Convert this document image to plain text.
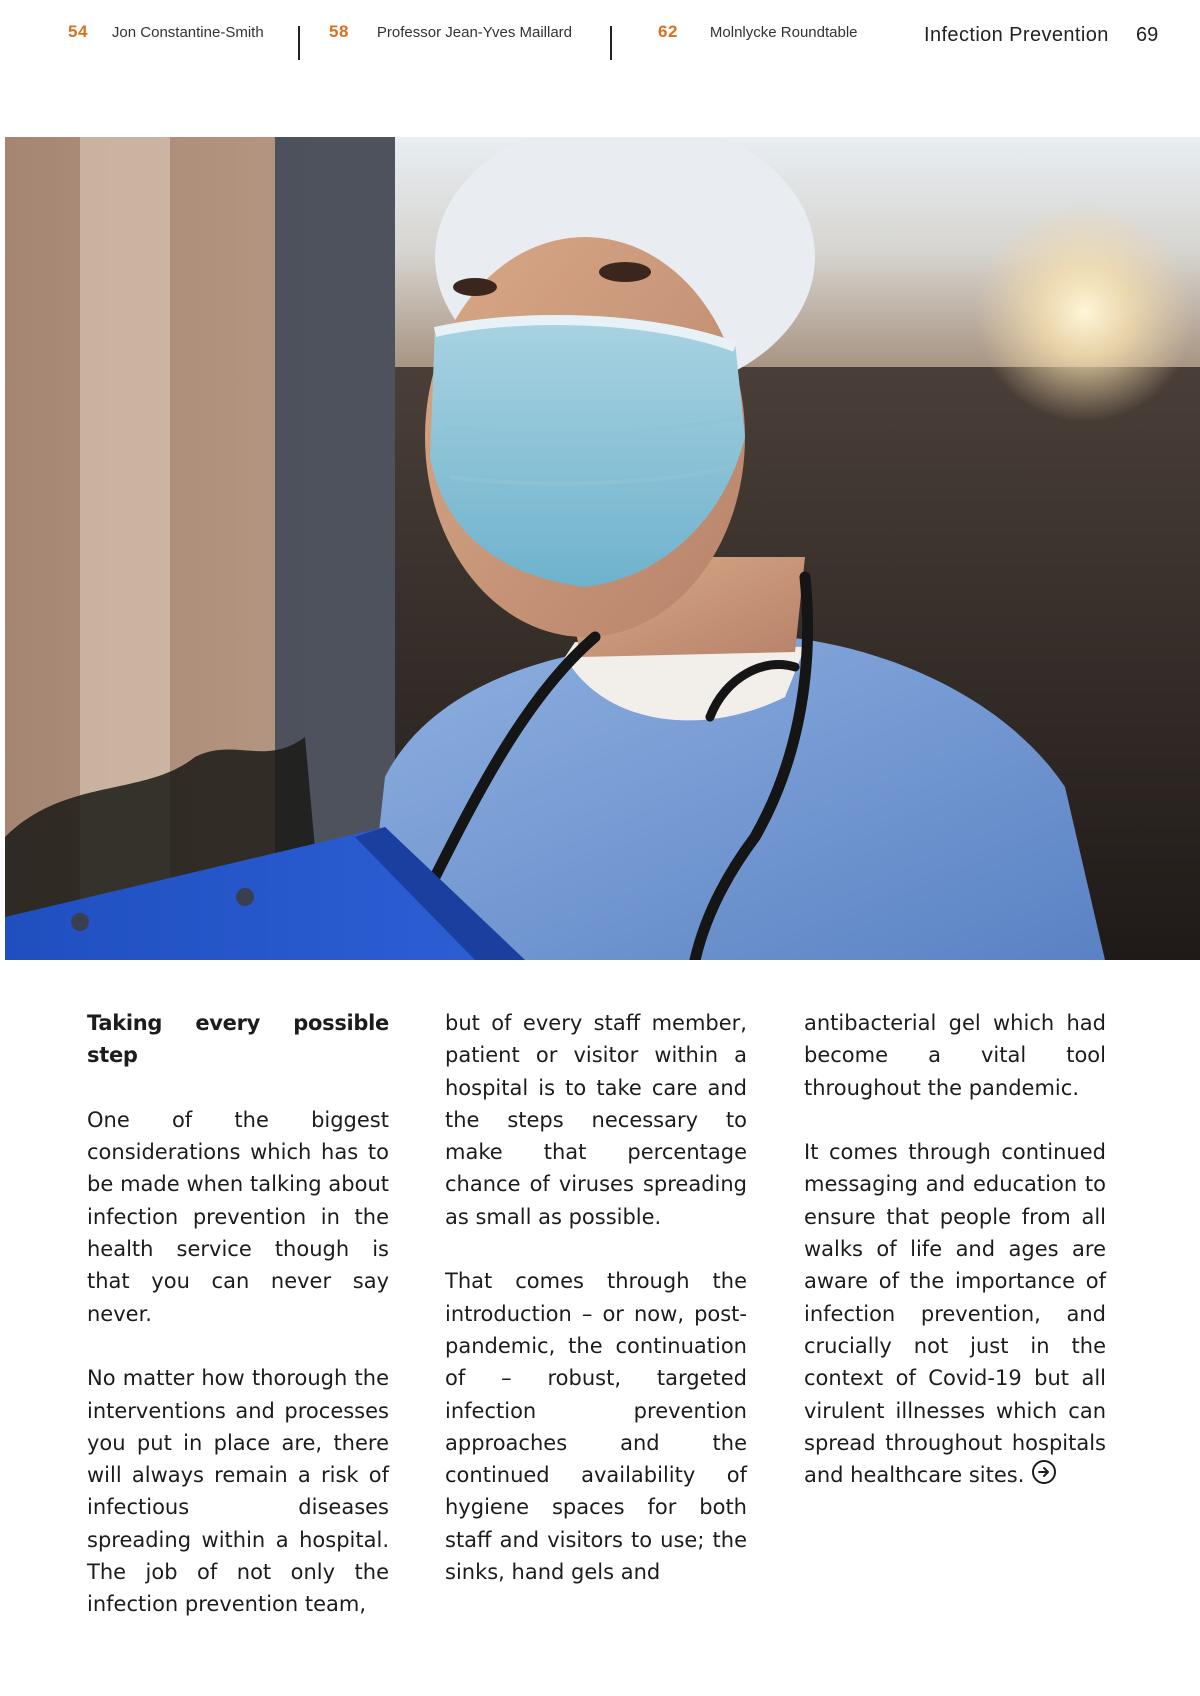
54 Jon Constantine-Smith	58 Professor Jean-Yves Maillard	62 Molnlycke Roundtable	Infection Prevention 69
Taking every possible step

One of the biggest considerations which has to be made when talking about infection prevention in the health service though is that you can never say never.

No matter how thorough the interventions and processes you put in place are, there will always remain a risk of infectious diseases spreading within a hospital. The job of not only the infection prevention team,

but of every staff member, patient or visitor within a hospital is to take care and the steps necessary to make that percentage chance of viruses spreading as small as possible.

That comes through the introduction – or now, post-pandemic, the continuation of – robust, targeted infection prevention approaches and the continued availability of hygiene spaces for both staff and visitors to use; the sinks, hand gels and

antibacterial gel which had become a vital tool throughout the pandemic.

It comes through continued messaging and education to ensure that people from all walks of life and ages are aware of the importance of infection prevention, and crucially not just in the context of Covid-19 but all virulent illnesses which can spread throughout hospitals and healthcare sites.
